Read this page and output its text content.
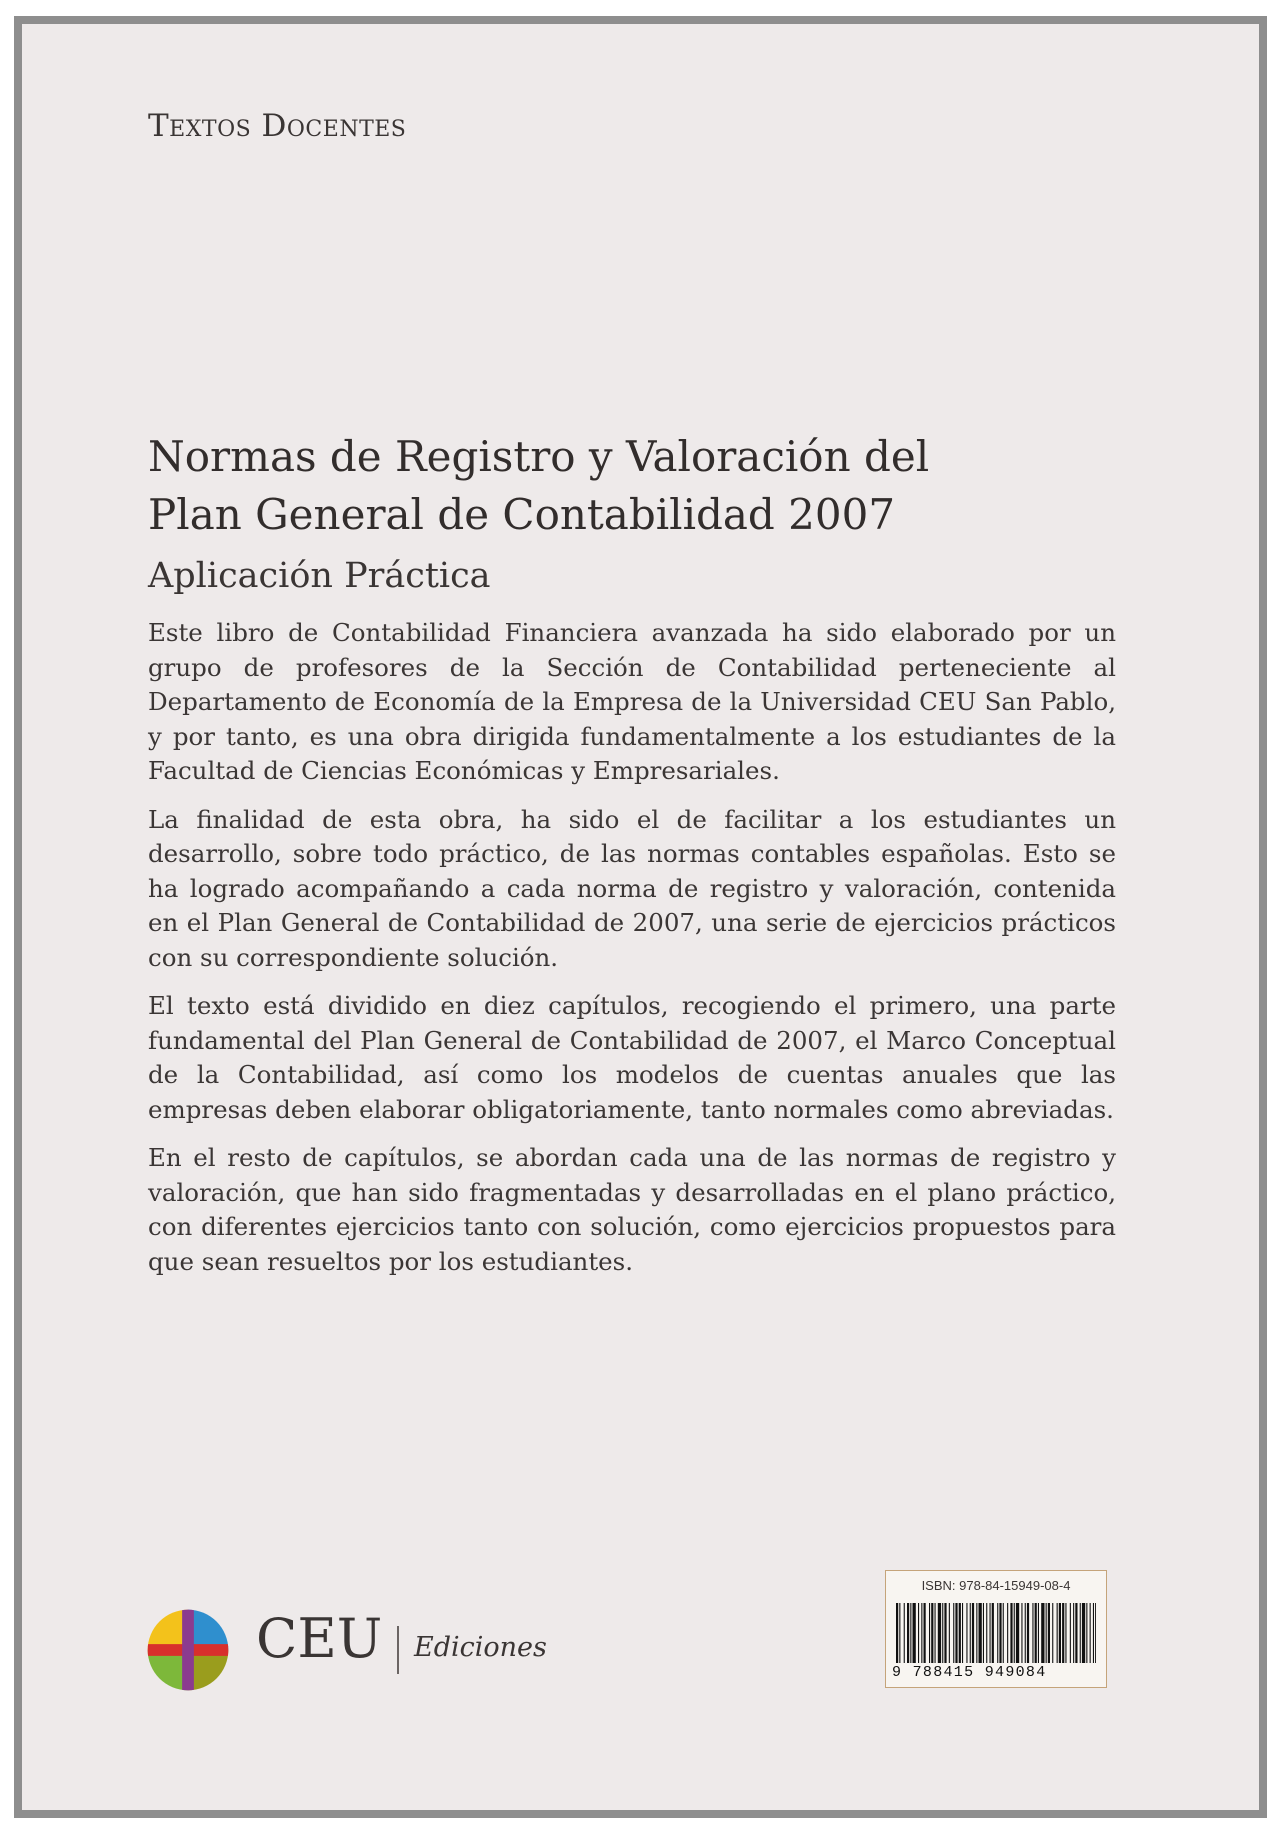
Textos Docentes
Normas de Registro y Valoración del
Plan General de Contabilidad 2007
Aplicación Práctica

Este libro de Contabilidad Financiera avanzada ha sido elaborado por un grupo de profesores de la Sección de Contabilidad perteneciente al Departamento de Economía de la Empresa de la Universidad CEU San Pablo, y por tanto, es una obra dirigida fundamentalmente a los estudiantes de la Facultad de Ciencias Económicas y Empresariales.

La finalidad de esta obra, ha sido el de facilitar a los estudiantes un desarrollo, sobre todo práctico, de las normas contables españolas. Esto se ha logrado acompañando a cada norma de registro y valoración, contenida en el Plan General de Contabilidad de 2007, una serie de ejercicios prácticos con su correspondiente solución.

El texto está dividido en diez capítulos, recogiendo el primero, una parte fundamental del Plan General de Contabilidad de 2007, el Marco Conceptual de la Contabilidad, así como los modelos de cuentas anuales que las empresas deben elaborar obligatoriamente, tanto normales como abreviadas.

En el resto de capítulos, se abordan cada una de las normas de registro y valoración, que han sido fragmentadas y desarrolladas en el plano práctico, con diferentes ejercicios tanto con solución, como ejercicios propuestos para que sean resueltos por los estudiantes.

CEU Ediciones
ISBN: 978-84-15949-08-4
9 788415 949084
